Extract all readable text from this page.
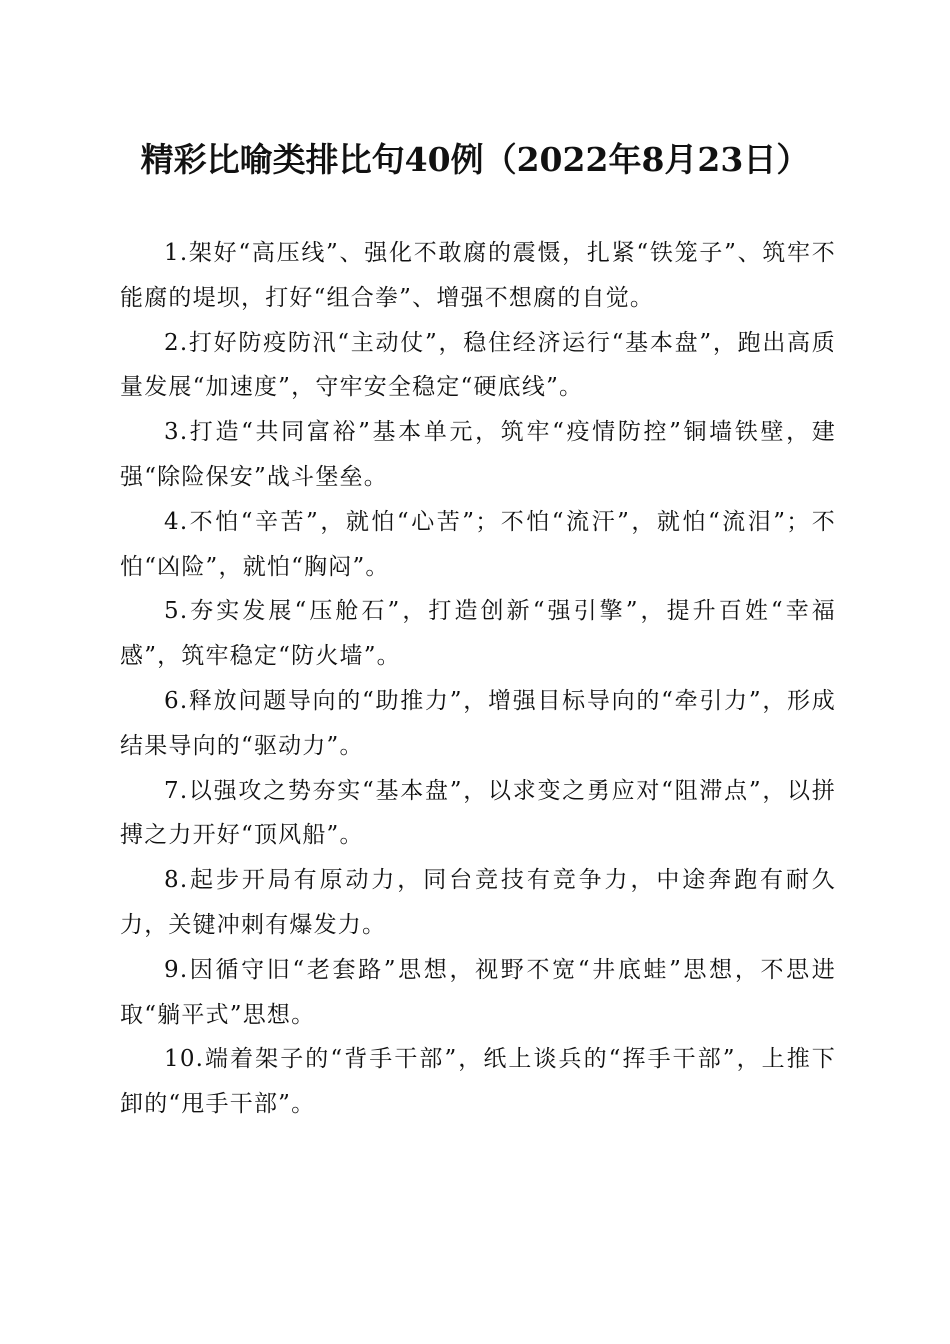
精彩比喻类排比句40例（2022年8月23日）

1.架好“高压线”、强化不敢腐的震慑，扎紧“铁笼子”、筑牢不能腐的堤坝，打好“组合拳”、增强不想腐的自觉。

2.打好防疫防汛“主动仗”，稳住经济运行“基本盘”，跑出高质量发展“加速度”，守牢安全稳定“硬底线”。

3.打造“共同富裕”基本单元，筑牢“疫情防控”铜墙铁壁，建强“除险保安”战斗堡垒。

4.不怕“辛苦”，就怕“心苦”；不怕“流汗”，就怕“流泪”；不怕“凶险”，就怕“胸闷”。

5.夯实发展“压舱石”，打造创新“强引擎”，提升百姓“幸福感”，筑牢稳定“防火墙”。

6.释放问题导向的“助推力”，增强目标导向的“牵引力”，形成结果导向的“驱动力”。

7.以强攻之势夯实“基本盘”，以求变之勇应对“阻滞点”，以拼搏之力开好“顶风船”。

8.起步开局有原动力，同台竞技有竞争力，中途奔跑有耐久力，关键冲刺有爆发力。

9.因循守旧“老套路”思想，视野不宽“井底蛙”思想，不思进取“躺平式”思想。

10.端着架子的“背手干部”，纸上谈兵的“挥手干部”，上推下卸的“甩手干部”。
